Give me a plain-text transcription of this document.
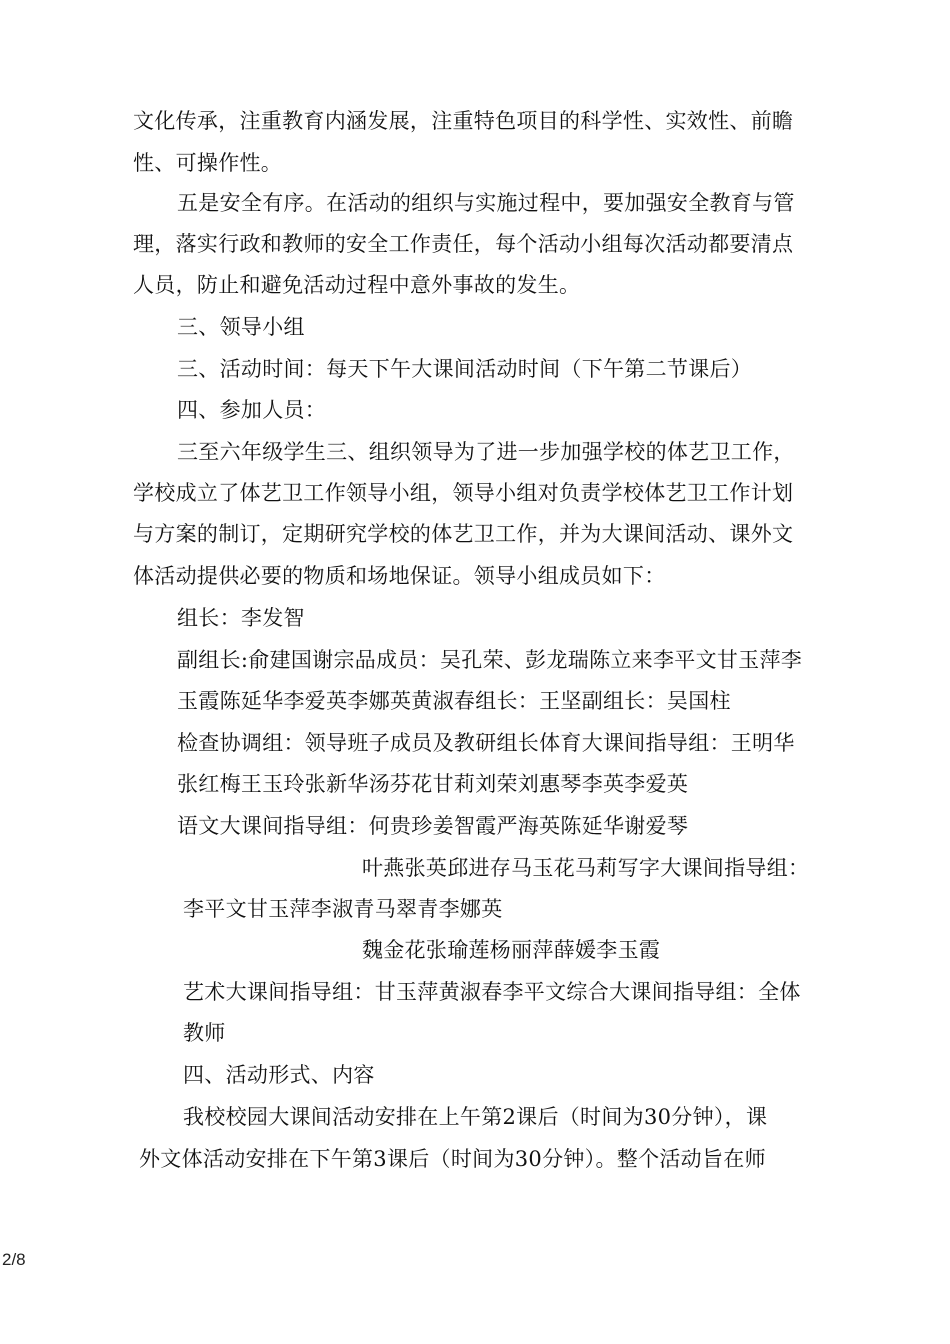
文化传承，注重教育内涵发展，注重特色项目的科学性、实效性、前瞻
性、可操作性。
五是安全有序。在活动的组织与实施过程中，要加强安全教育与管
理，落实行政和教师的安全工作责任，每个活动小组每次活动都要清点
人员，防止和避免活动过程中意外事故的发生。
三、领导小组
三、活动时间：每天下午大课间活动时间（下午第二节课后）
四、参加人员：
三至六年级学生三、组织领导为了进一步加强学校的体艺卫工作，
学校成立了体艺卫工作领导小组，领导小组对负责学校体艺卫工作计划
与方案的制订，定期研究学校的体艺卫工作，并为大课间活动、课外文
体活动提供必要的物质和场地保证。领导小组成员如下：
组长：李发智
副组长:俞建国谢宗品成员：吴孔荣、彭龙瑞陈立来李平文甘玉萍李
玉霞陈延华李爱英李娜英黄淑春组长：王坚副组长：吴国柱
检查协调组：领导班子成员及教研组长体育大课间指导组：王明华
张红梅王玉玲张新华汤芬花甘莉刘荣刘惠琴李英李爱英
语文大课间指导组：何贵珍姜智霞严海英陈延华谢爱琴
叶燕张英邱进存马玉花马莉写字大课间指导组：
李平文甘玉萍李淑青马翠青李娜英
魏金花张瑜莲杨丽萍薛媛李玉霞
艺术大课间指导组：甘玉萍黄淑春李平文综合大课间指导组：全体
教师
四、活动形式、内容
我校校园大课间活动安排在上午第2课后（时间为30分钟），课
外文体活动安排在下午第3课后（时间为30分钟）。整个活动旨在师
2/8
